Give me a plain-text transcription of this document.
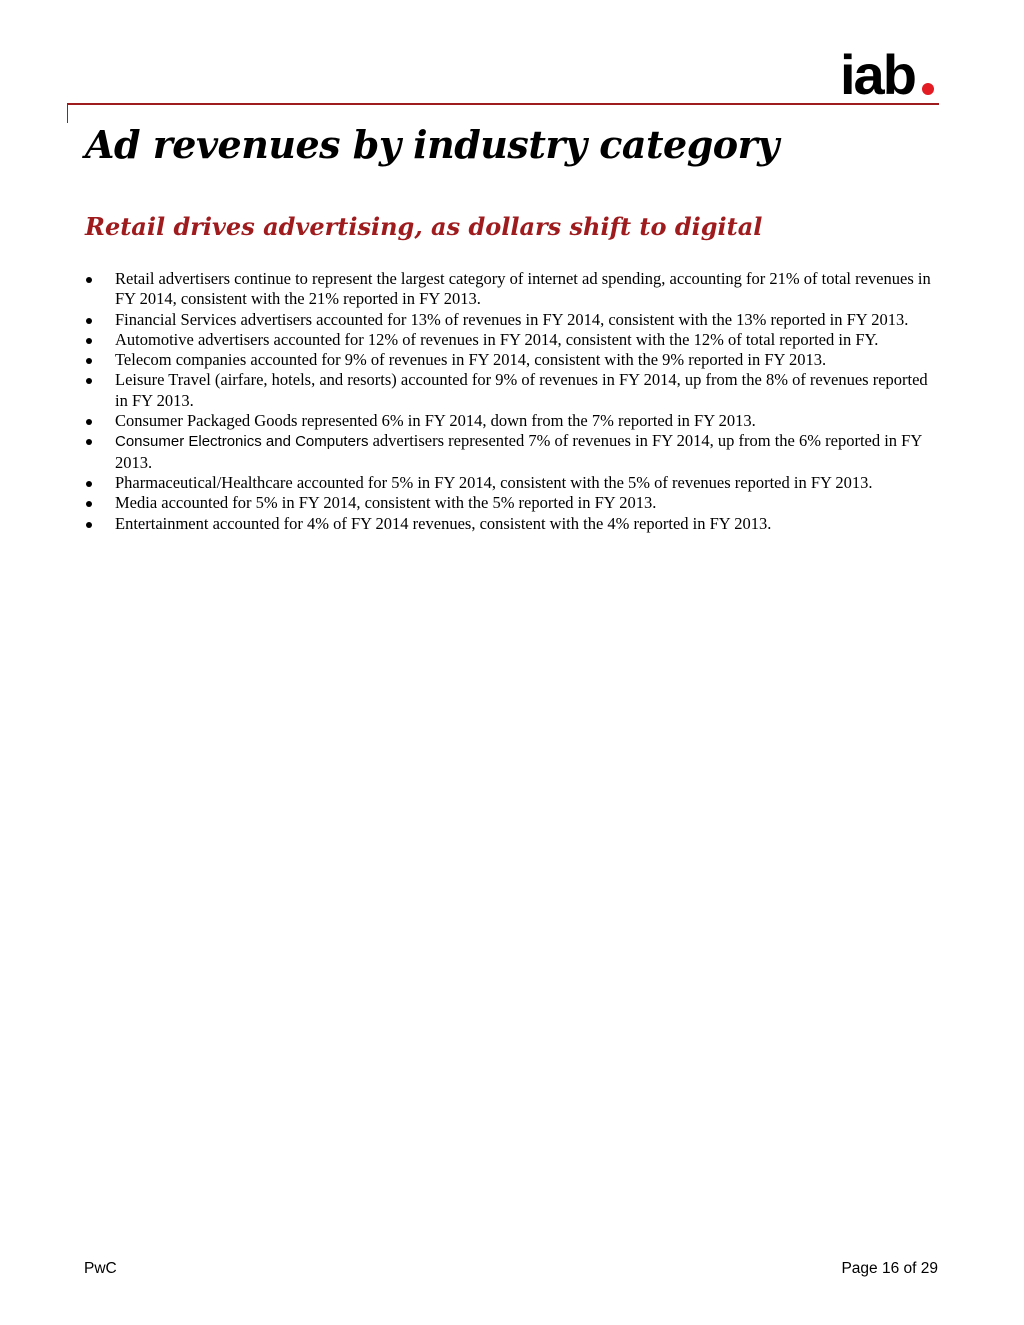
iab
Ad revenues by industry category
Retail drives advertising, as dollars shift to digital
Retail advertisers continue to represent the largest category of internet ad spending, accounting for 21% of total revenues in FY 2014, consistent with the 21% reported in FY 2013.
Financial Services advertisers accounted for 13% of revenues in FY 2014, consistent with the 13% reported in FY 2013.
Automotive advertisers accounted for 12% of revenues in FY 2014, consistent with the 12% of total reported in FY.
Telecom companies accounted for 9% of revenues in FY 2014, consistent with the 9% reported in FY 2013.
Leisure Travel (airfare, hotels, and resorts) accounted for 9% of revenues in FY 2014, up from the 8% of revenues reported in FY 2013.
Consumer Packaged Goods represented 6% in FY 2014, down from the 7% reported in FY 2013.
Consumer Electronics and Computers advertisers represented 7% of revenues in FY 2014, up from the 6% reported in FY 2013.
Pharmaceutical/Healthcare accounted for 5% in FY 2014, consistent with the 5% of revenues reported in FY 2013.
Media accounted for 5% in FY 2014, consistent with the 5% reported in FY 2013.
Entertainment accounted for 4% of FY 2014 revenues, consistent with the 4% reported in FY 2013.
PwC	Page 16 of 29
